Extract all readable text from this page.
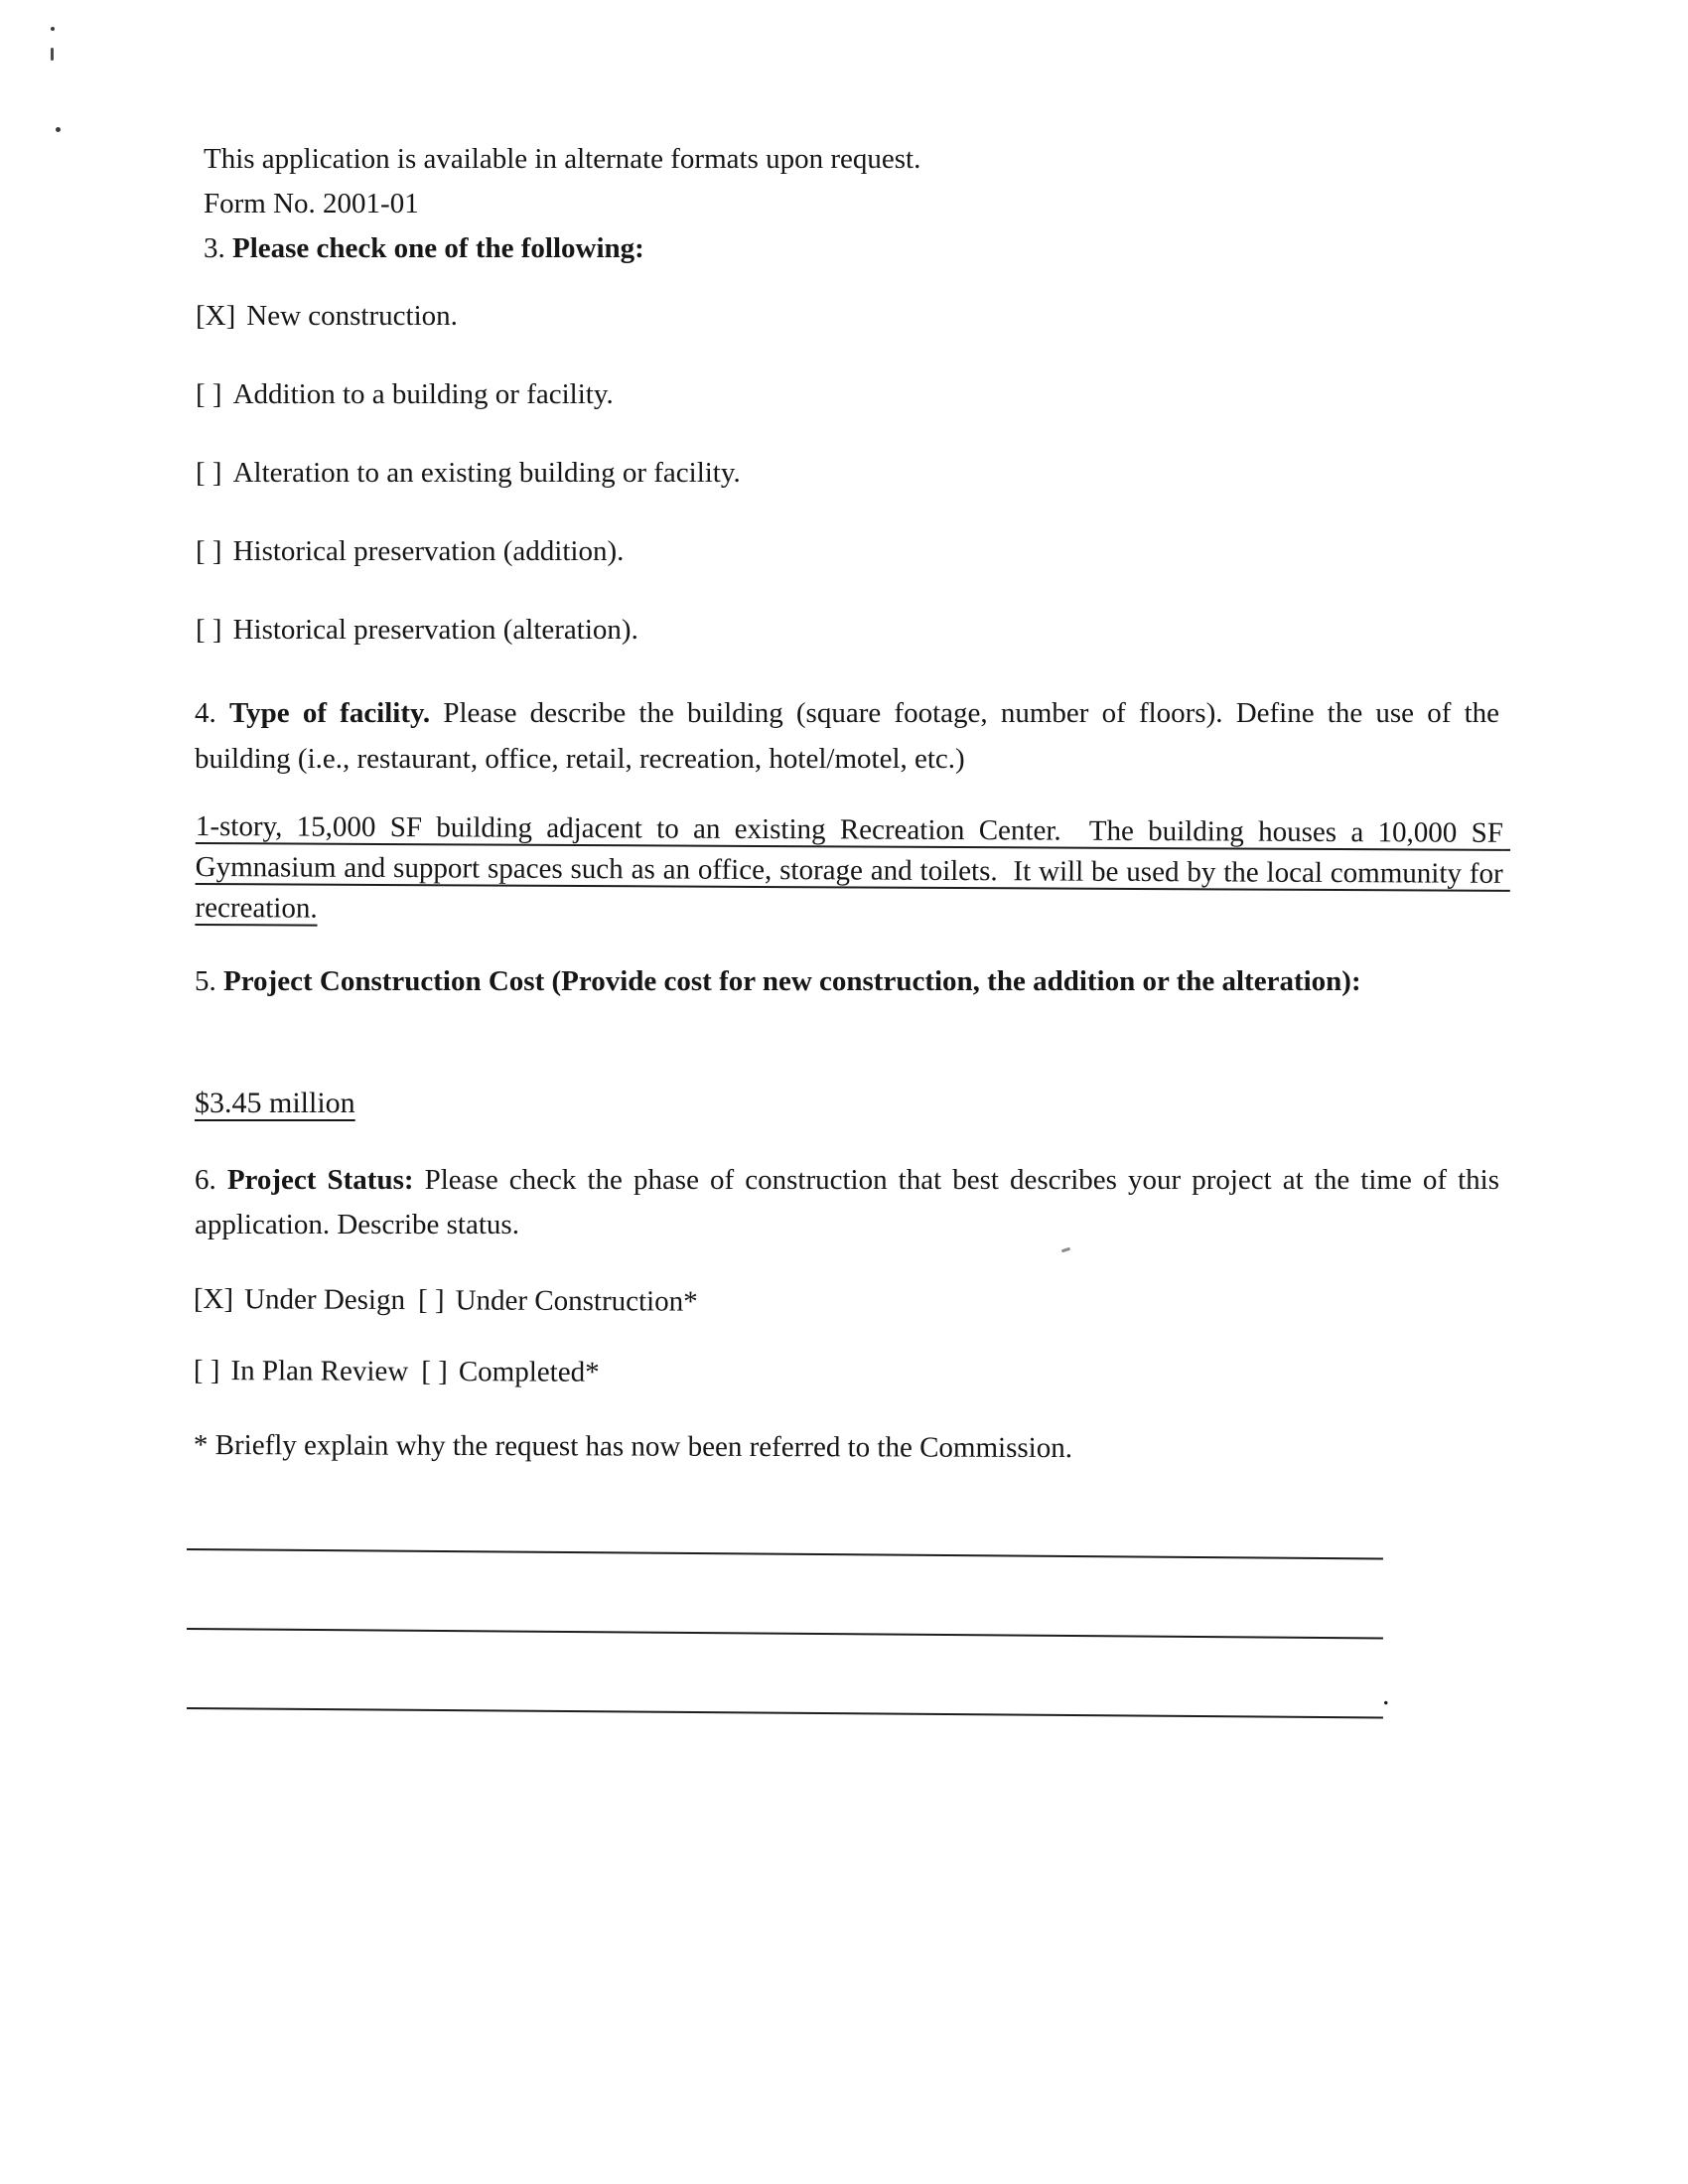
This application is available in alternate formats upon request.
Form No. 2001-01
3. Please check one of the following:
[X] New construction.
[ ] Addition to a building or facility.
[ ] Alteration to an existing building or facility.
[ ] Historical preservation (addition).
[ ] Historical preservation (alteration).
4. Type of facility. Please describe the building (square footage, number of floors). Define the use of the building (i.e., restaurant, office, retail, recreation, hotel/motel, etc.)
1-story, 15,000 SF building adjacent to an existing Recreation Center.  The building houses a 10,000 SF Gymnasium and support spaces such as an office, storage and toilets.  It will be used by the local community for recreation.
5. Project Construction Cost (Provide cost for new construction, the addition or the alteration):
$3.45 million
6. Project Status: Please check the phase of construction that best describes your project at the time of this application. Describe status.
[X] Under Design [ ] Under Construction*
[ ] In Plan Review [ ] Completed*
* Briefly explain why the request has now been referred to the Commission.
.
